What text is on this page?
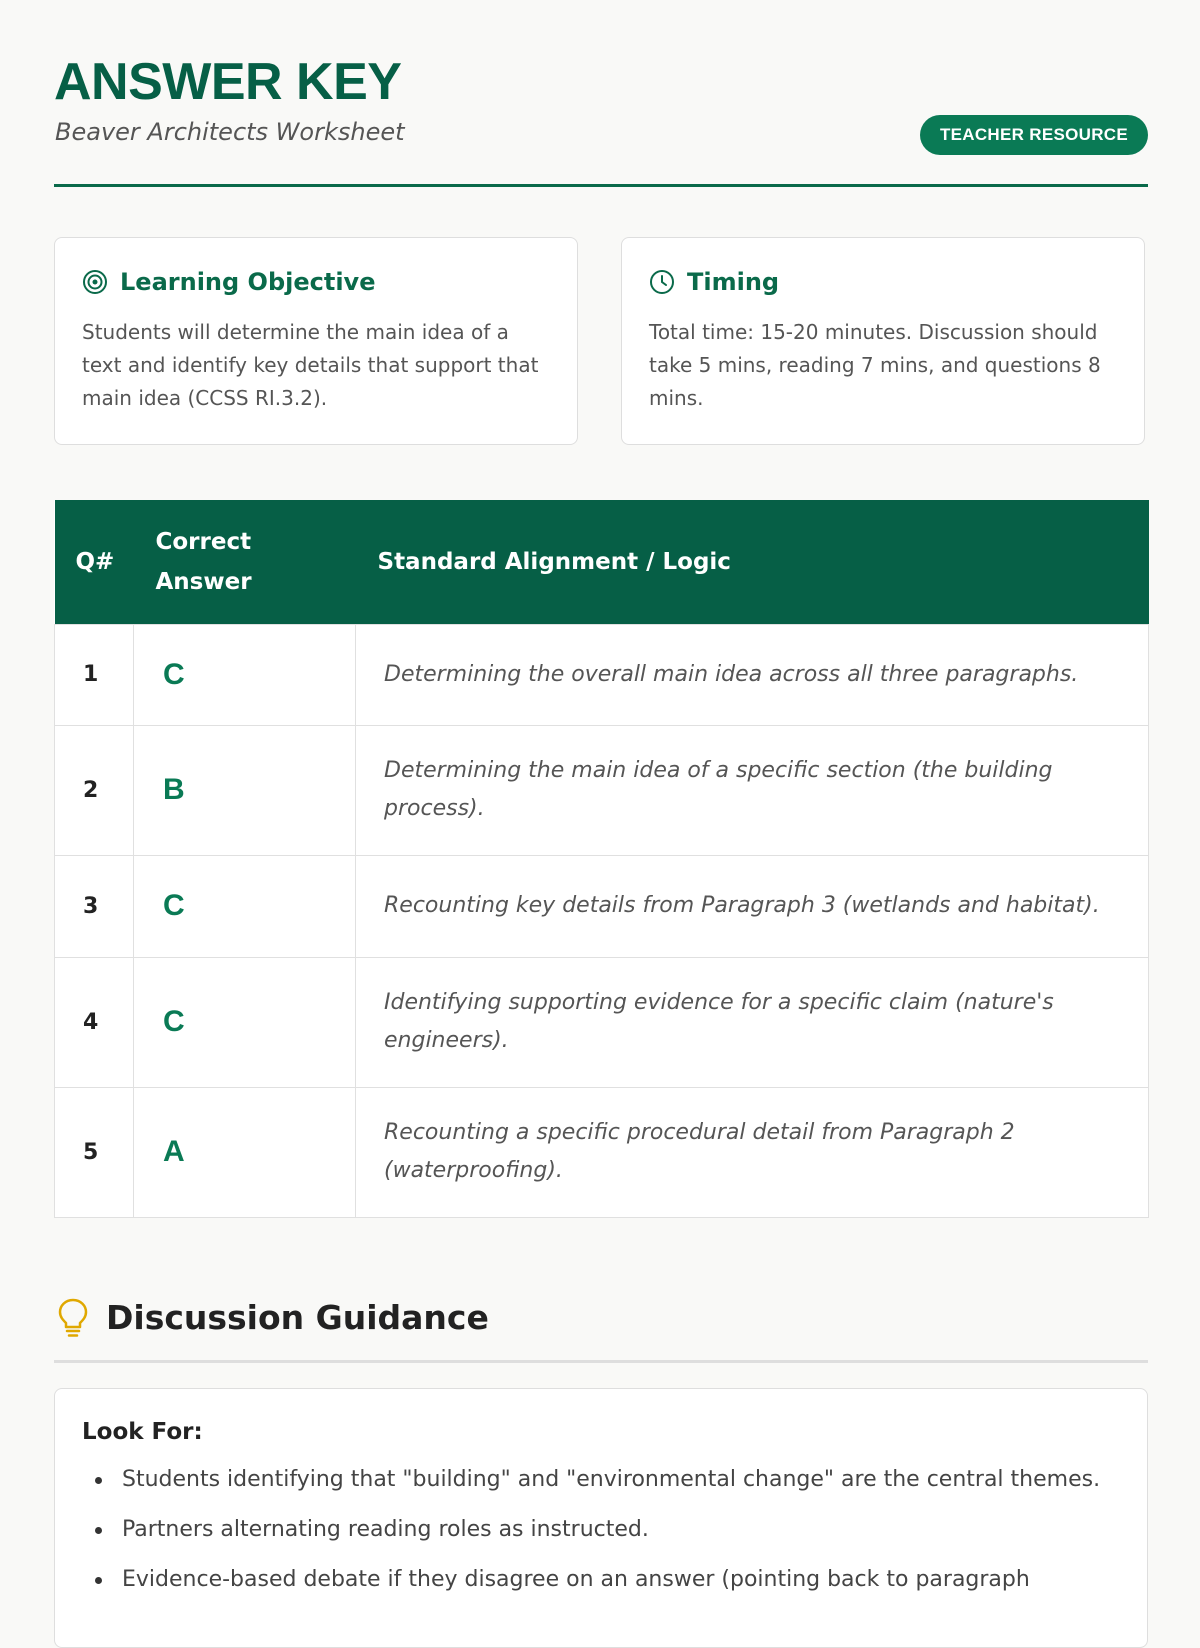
ANSWER KEY
Beaver Architects Worksheet	TEACHER RESOURCE
Learning Objective
Students will determine the main idea of a text and identify key details that support that main idea (CCSS RI.3.2).
Timing
Total time: 15-20 minutes. Discussion should take 5 mins, reading 7 mins, and questions 8 mins.
Q#	Correct Answer	Standard Alignment / Logic
1	C	Determining the overall main idea across all three paragraphs.
2	B	Determining the main idea of a specific section (the building process).
3	C	Recounting key details from Paragraph 3 (wetlands and habitat).
4	C	Identifying supporting evidence for a specific claim (nature's engineers).
5	A	Recounting a specific procedural detail from Paragraph 2 (waterproofing).
Discussion Guidance
Look For:
Students identifying that "building" and "environmental change" are the central themes.
Partners alternating reading roles as instructed.
Evidence-based debate if they disagree on an answer (pointing back to paragraph
